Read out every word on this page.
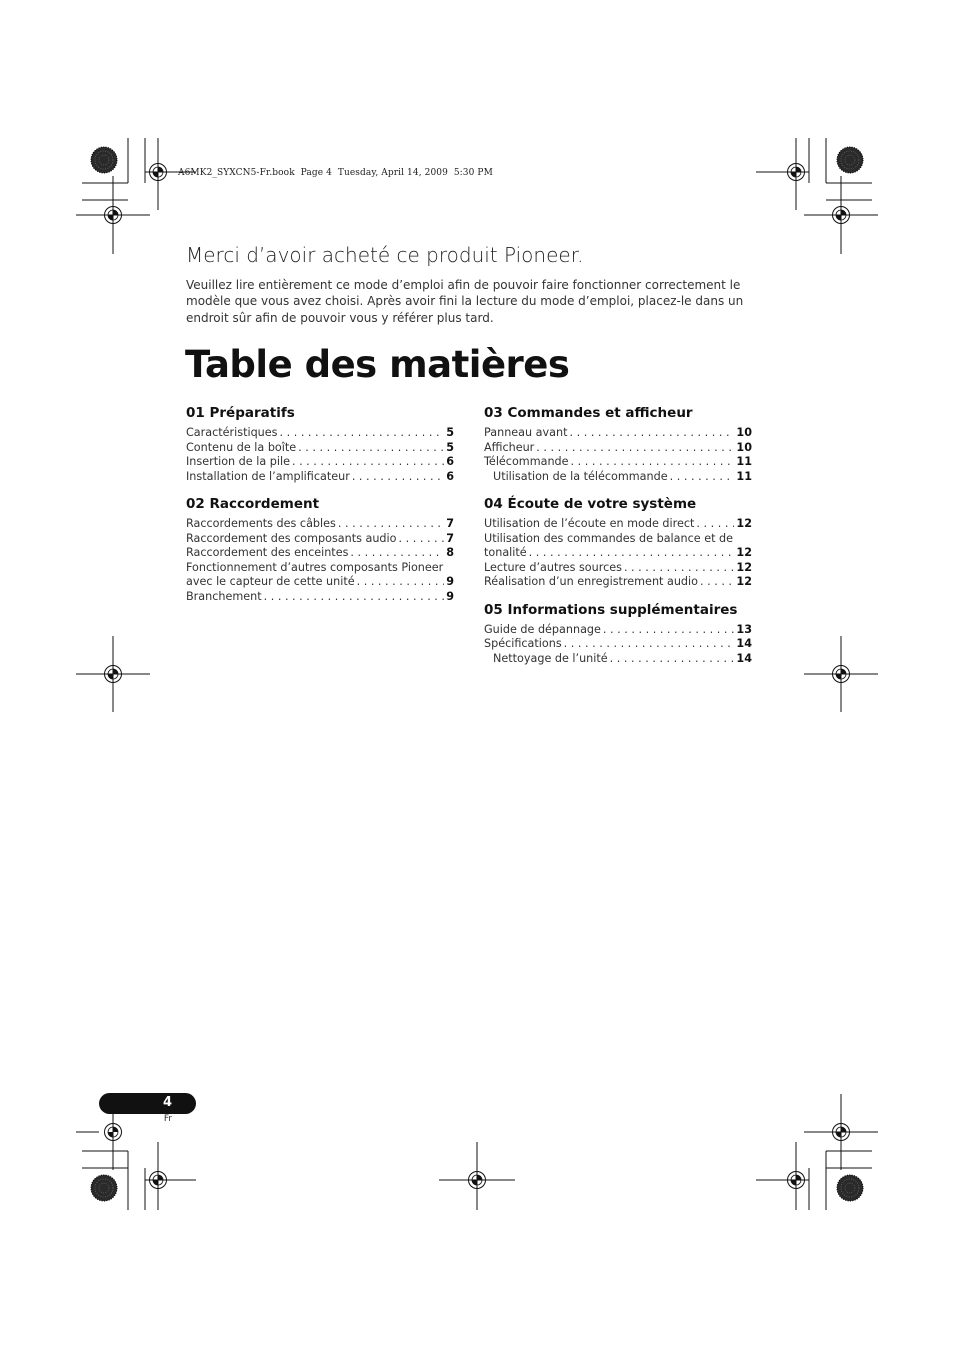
A6MK2_SYXCN5-Fr.book  Page 4  Tuesday, April 14, 2009  5:30 PM
Merci d’avoir acheté ce produit Pioneer.

Veuillez lire entièrement ce mode d’emploi afin de pouvoir faire fonctionner correctement le modèle que vous avez choisi. Après avoir fini la lecture du mode d’emploi, placez-le dans un endroit sûr afin de pouvoir vous y référer plus tard.

Table des matières
01 Préparatifs
Caractéristiques . . .	5
Contenu de la boîte . . .	5
Insertion de la pile . . .	6
Installation de l’amplificateur . . .	6
02 Raccordement
Raccordements des câbles . . .	7
Raccordement des composants audio . . .	7
Raccordement des enceintes . . .	8
Fonctionnement d’autres composants Pioneer
avec le capteur de cette unité . . .	9
Branchement . . .	9
03 Commandes et afficheur
Panneau avant . . .	10
Afficheur . . .	10
Télécommande . . .	11
Utilisation de la télécommande . . .	11
04 Écoute de votre système
Utilisation de l’écoute en mode direct . . .	12
Utilisation des commandes de balance et de
tonalité . . .	12
Lecture d’autres sources . . .	12
Réalisation d’un enregistrement audio . . .	12
05 Informations supplémentaires
Guide de dépannage . . .	13
Spécifications . . .	14
Nettoyage de l’unité . . .	14
4
Fr
